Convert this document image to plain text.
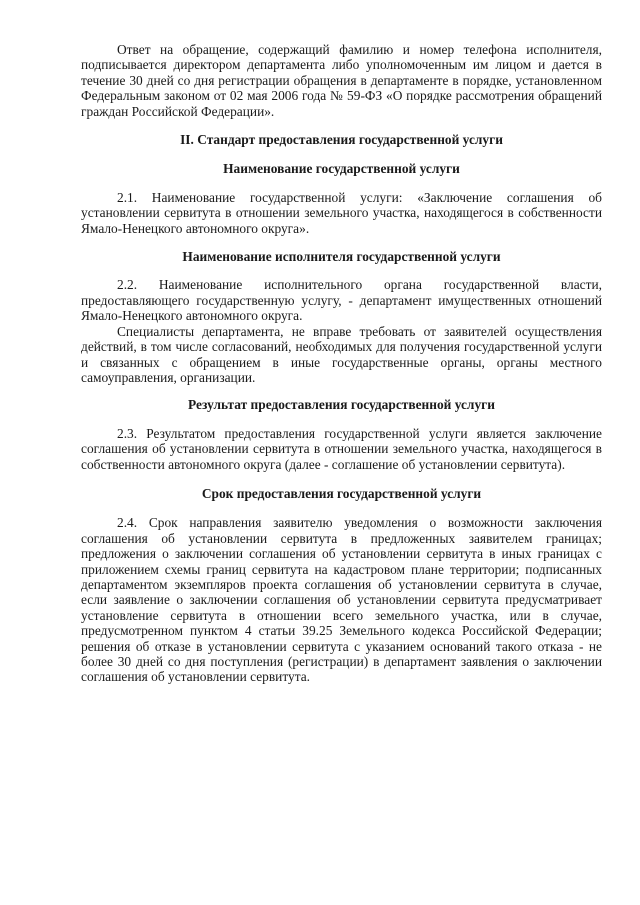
Ответ на обращение, содержащий фамилию и номер телефона исполнителя, подписывается директором департамента либо уполномоченным им лицом и дается в течение 30 дней со дня регистрации обращения в департаменте в порядке, установленном Федеральным законом от 02 мая 2006 года № 59-ФЗ «О порядке рассмотрения обращений граждан Российской Федерации».

II. Стандарт предоставления государственной услуги
Наименование государственной услуги

2.1. Наименование государственной услуги: «Заключение соглашения об установлении сервитута в отношении земельного участка, находящегося в собственности Ямало-Ненецкого автономного округа».

Наименование исполнителя государственной услуги

2.2. Наименование исполнительного органа государственной власти, предоставляющего государственную услугу, - департамент имущественных отношений Ямало-Ненецкого автономного округа.

Специалисты департамента, не вправе требовать от заявителей осуществления действий, в том числе согласований, необходимых для получения государственной услуги и связанных с обращением в иные государственные органы, органы местного самоуправления, организации.

Результат предоставления государственной услуги

2.3. Результатом предоставления государственной услуги является заключение соглашения об установлении сервитута в отношении земельного участка, находящегося в собственности автономного округа (далее - соглашение об установлении сервитута).

Срок предоставления государственной услуги

2.4. Срок направления заявителю уведомления о возможности заключения соглашения об установлении сервитута в предложенных заявителем границах; предложения о заключении соглашения об установлении сервитута в иных границах с приложением схемы границ сервитута на кадастровом плане территории; подписанных департаментом экземпляров проекта соглашения об установлении сервитута в случае, если заявление о заключении соглашения об установлении сервитута предусматривает установление сервитута в отношении всего земельного участка, или в случае, предусмотренном пунктом 4 статьи 39.25 Земельного кодекса Российской Федерации; решения об отказе в установлении сервитута с указанием оснований такого отказа - не более 30 дней со дня поступления (регистрации) в департамент заявления о заключении соглашения об установлении сервитута.
